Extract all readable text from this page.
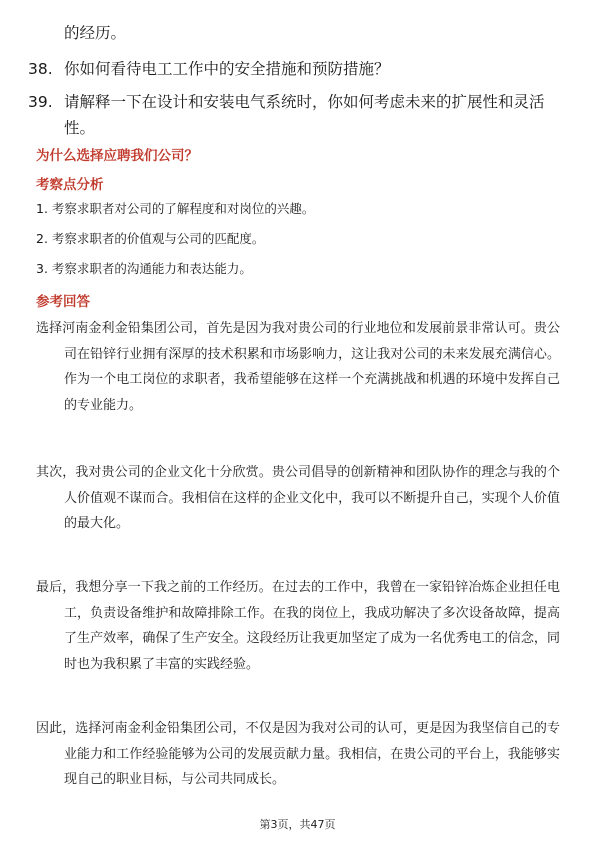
的经历。
38. 你如何看待电工工作中的安全措施和预防措施？
39. 请解释一下在设计和安装电气系统时，你如何考虑未来的扩展性和灵活性。
为什么选择应聘我们公司？
考察点分析
1. 考察求职者对公司的了解程度和对岗位的兴趣。
2. 考察求职者的价值观与公司的匹配度。
3. 考察求职者的沟通能力和表达能力。
参考回答
选择河南金利金铅集团公司，首先是因为我对贵公司的行业地位和发展前景非常认可。贵公司在铅锌行业拥有深厚的技术积累和市场影响力，这让我对公司的未来发展充满信心。作为一个电工岗位的求职者，我希望能够在这样一个充满挑战和机遇的环境中发挥自己的专业能力。
其次，我对贵公司的企业文化十分欣赏。贵公司倡导的创新精神和团队协作的理念与我的个人价值观不谋而合。我相信在这样的企业文化中，我可以不断提升自己，实现个人价值的最大化。
最后，我想分享一下我之前的工作经历。在过去的工作中，我曾在一家铅锌冶炼企业担任电工，负责设备维护和故障排除工作。在我的岗位上，我成功解决了多次设备故障，提高了生产效率，确保了生产安全。这段经历让我更加坚定了成为一名优秀电工的信念，同时也为我积累了丰富的实践经验。
因此，选择河南金利金铅集团公司，不仅是因为我对公司的认可，更是因为我坚信自己的专业能力和工作经验能够为公司的发展贡献力量。我相信，在贵公司的平台上，我能够实现自己的职业目标，与公司共同成长。
第3页，共47页
